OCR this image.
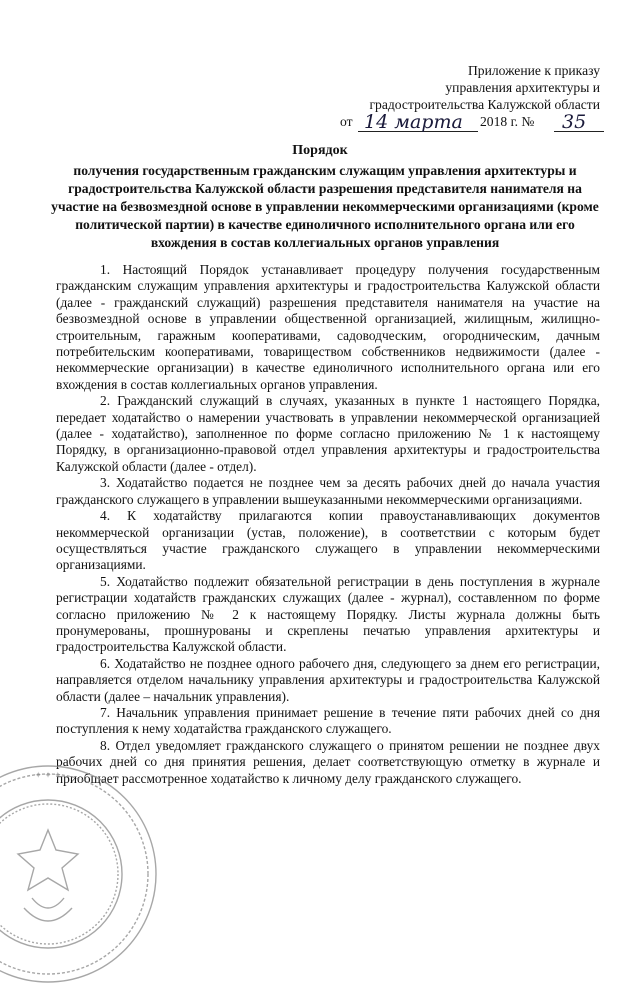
Приложение к приказу
управления архитектуры и
градостроительства Калужской области
от 14 марта 2018 г. № 35
Порядок
получения государственным гражданским служащим управления архитектуры и градостроительства Калужской области разрешения представителя нанимателя на участие на безвозмездной основе в управлении некоммерческими организациями (кроме политической партии) в качестве единоличного исполнительного органа или его вхождения в состав коллегиальных органов управления

1. Настоящий Порядок устанавливает процедуру получения государственным гражданским служащим управления архитектуры и градостроительства Калужской области (далее - гражданский служащий) разрешения представителя нанимателя на участие на безвозмездной основе в управлении общественной организацией, жилищным, жилищно-строительным, гаражным кооперативами, садоводческим, огородническим, дачным потребительским кооперативами, товариществом собственников недвижимости (далее - некоммерческие организации) в качестве единоличного исполнительного органа или его вхождения в состав коллегиальных органов управления.

2. Гражданский служащий в случаях, указанных в пункте 1 настоящего Порядка, передает ходатайство о намерении участвовать в управлении некоммерческой организацией (далее - ходатайство), заполненное по форме согласно приложению № 1 к настоящему Порядку, в организационно-правовой отдел управления архитектуры и градостроительства Калужской области (далее - отдел).

3. Ходатайство подается не позднее чем за десять рабочих дней до начала участия гражданского служащего в управлении вышеуказанными некоммерческими организациями.

4. К ходатайству прилагаются копии правоустанавливающих документов некоммерческой организации (устав, положение), в соответствии с которым будет осуществляться участие гражданского служащего в управлении некоммерческими организациями.

5. Ходатайство подлежит обязательной регистрации в день поступления в журнале регистрации ходатайств гражданских служащих (далее - журнал), составленном по форме согласно приложению № 2 к настоящему Порядку. Листы журнала должны быть пронумерованы, прошнурованы и скреплены печатью управления архитектуры и градостроительства Калужской области.

6. Ходатайство не позднее одного рабочего дня, следующего за днем его регистрации, направляется отделом начальнику управления архитектуры и градостроительства Калужской области (далее – начальник управления).

7. Начальник управления принимает решение в течение пяти рабочих дней со дня поступления к нему ходатайства гражданского служащего.

8. Отдел уведомляет гражданского служащего о принятом решении не позднее двух рабочих дней со дня принятия решения, делает соответствующую отметку в журнале и приобщает рассмотренное ходатайство к личному делу гражданского служащего.

✦ ✦ ✦
